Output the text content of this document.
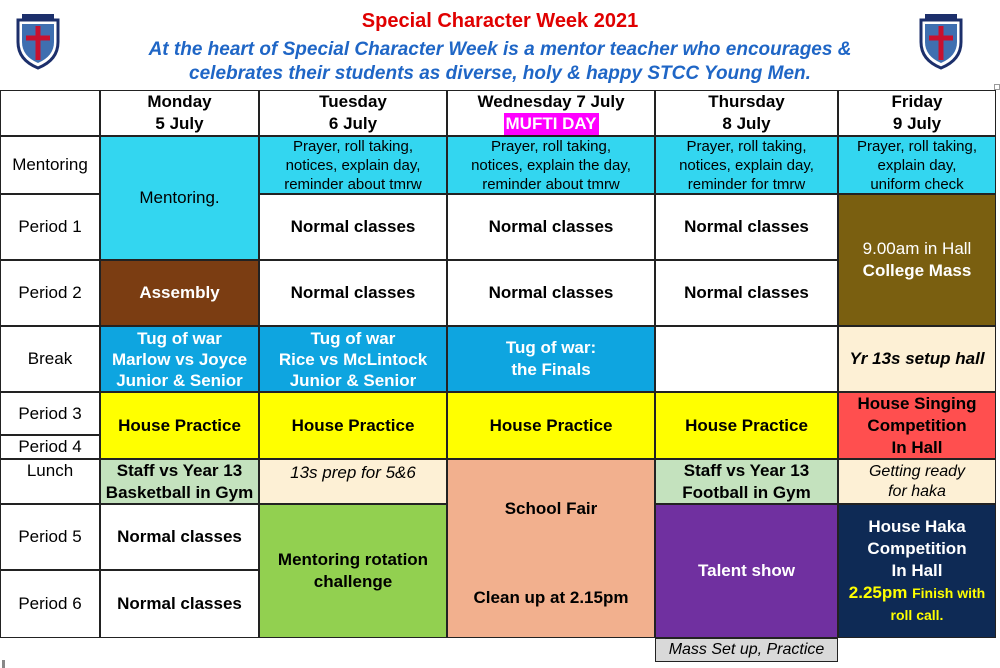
Special Character Week 2021
At the heart of Special Character Week is a mentor teacher who encourages &
celebrates their students as diverse, holy & happy STCC Young Men.
Monday
5 July
Tuesday
6 July
Wednesday 7 July
MUFTI DAY
Thursday
8 July
Friday
9 July
Mentoring
Period 1
Period 2
Break
Period 3
Period 4
Lunch
Period 5
Period 6
Mentoring.
Assembly
Tug of war
Marlow vs Joyce
Junior & Senior
House Practice
Staff vs Year 13
Basketball in Gym
Normal classes
Normal classes
Prayer, roll taking,
notices, explain day,
reminder about tmrw
Normal classes
Normal classes
Tug of war
Rice vs McLintock
Junior & Senior
House Practice
13s prep for 5&6
Mentoring rotation
challenge
Prayer, roll taking,
notices, explain the day,
reminder about tmrw
Normal classes
Normal classes
Tug of war:
the Finals
House Practice
School Fair
Clean up at 2.15pm
Prayer, roll taking,
notices, explain day,
reminder for tmrw
Normal classes
Normal classes
House Practice
Staff vs Year 13
Football in Gym
Talent show
Mass Set up, Practice
Prayer, roll taking,
explain day,
uniform check
9.00am in Hall
College Mass
Yr 13s setup hall
House Singing
Competition
In Hall
Getting ready
for haka
House Haka
Competition
In Hall
2.25pm Finish with
roll call.
